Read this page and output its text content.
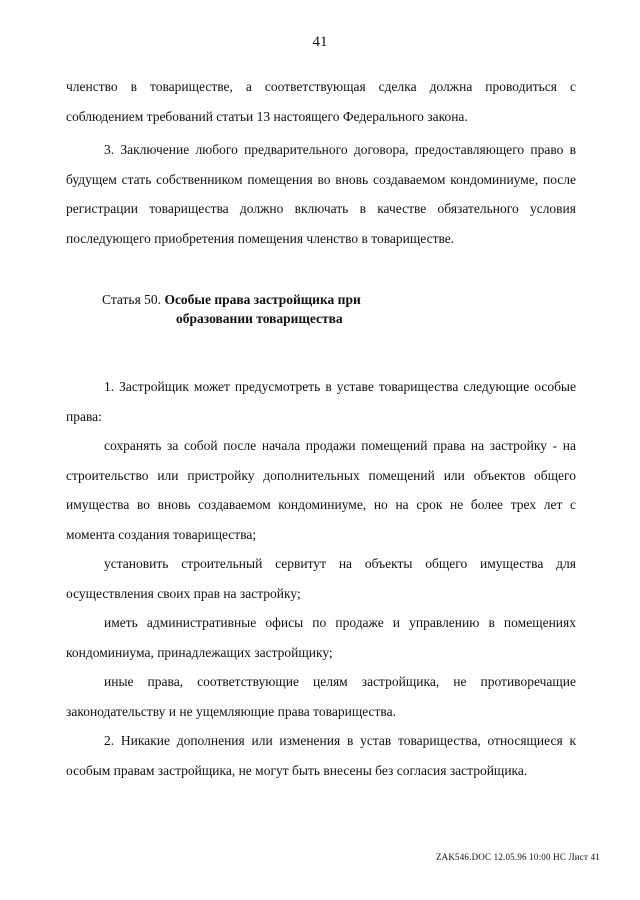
41

членство в товариществе, а соответствующая сделка должна проводиться с соблюдением требований статьи 13 настоящего Федерального закона.

3. Заключение любого предварительного договора, предоставляющего право в будущем стать собственником помещения во вновь создаваемом кондоминиуме, после регистрации товарищества должно включать в качестве обязательного условия последующего приобретения помещения членство в товариществе.

Статья 50. Особые права застройщика при
образовании товарищества

1. Застройщик может предусмотреть в уставе товарищества следующие особые права:

сохранять за собой после начала продажи помещений права на застройку - на строительство или пристройку дополнительных помещений или объектов общего имущества во вновь создаваемом кондоминиуме, но на срок не более трех лет с момента создания товарищества;

установить строительный сервитут на объекты общего имущества для осуществления своих прав на застройку;

иметь административные офисы по продаже и управлению в помещениях кондоминиума, принадлежащих застройщику;

иные права, соответствующие целям застройщика, не противоречащие законодательству и не ущемляющие права товарищества.

2. Никакие дополнения или изменения в устав товарищества, относящиеся к особым правам застройщика, не могут быть внесены без согласия застройщика.

ZAK546.DOC 12.05.96 10:00 НС Лист 41
